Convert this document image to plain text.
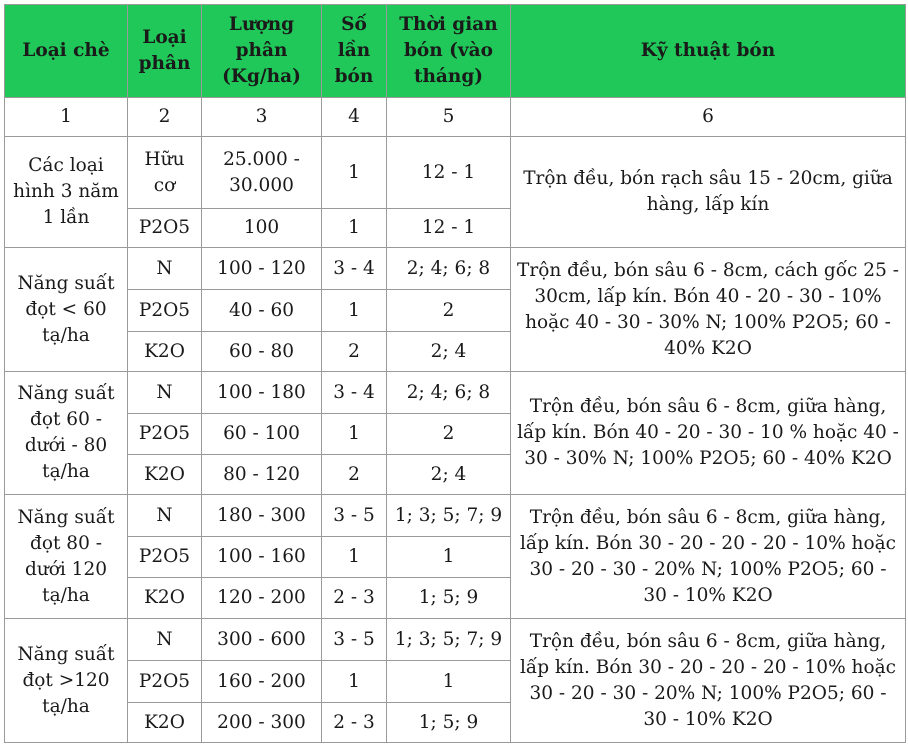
Loại chè	Loại phân	Lượng phân (Kg/ha)	Số lần bón	Thời gian bón (vào tháng)	Kỹ thuật bón
1	2	3	4	5	6
Các loại hình 3 năm 1 lần	Hữu cơ	25.000 - 30.000	1	12 - 1	Trộn đều, bón rạch sâu 15 - 20cm, giữa hàng, lấp kín
	P2O5	100	1	12 - 1	
Năng suất đọt < 60 tạ/ha	N	100 - 120	3 - 4	2; 4; 6; 8	Trộn đều, bón sâu 6 - 8cm, cách gốc 25 - 30cm, lấp kín. Bón 40 - 20 - 30 - 10% hoặc 40 - 30 - 30% N; 100% P2O5; 60 - 40% K2O
	P2O5	40 - 60	1	2	
	K2O	60 - 80	2	2; 4	
Năng suất đọt 60 - dưới - 80 tạ/ha	N	100 - 180	3 - 4	2; 4; 6; 8	Trộn đều, bón sâu 6 - 8cm, giữa hàng, lấp kín. Bón 40 - 20 - 30 - 10 % hoặc 40 - 30 - 30% N; 100% P2O5; 60 - 40% K2O
	P2O5	60 - 100	1	2	
	K2O	80 - 120	2	2; 4	
Năng suất đọt 80 - dưới 120 tạ/ha	N	180 - 300	3 - 5	1; 3; 5; 7; 9	Trộn đều, bón sâu 6 - 8cm, giữa hàng, lấp kín. Bón 30 - 20 - 20 - 20 - 10% hoặc 30 - 20 - 30 - 20% N; 100% P2O5; 60 - 30 - 10% K2O
	P2O5	100 - 160	1	1	
	K2O	120 - 200	2 - 3	1; 5; 9	
Năng suất đọt >120 tạ/ha	N	300 - 600	3 - 5	1; 3; 5; 7; 9	Trộn đều, bón sâu 6 - 8cm, giữa hàng, lấp kín. Bón 30 - 20 - 20 - 20 - 10% hoặc 30 - 20 - 30 - 20% N; 100% P2O5; 60 - 30 - 10% K2O
	P2O5	160 - 200	1	1	
	K2O	200 - 300	2 - 3	1; 5; 9	
